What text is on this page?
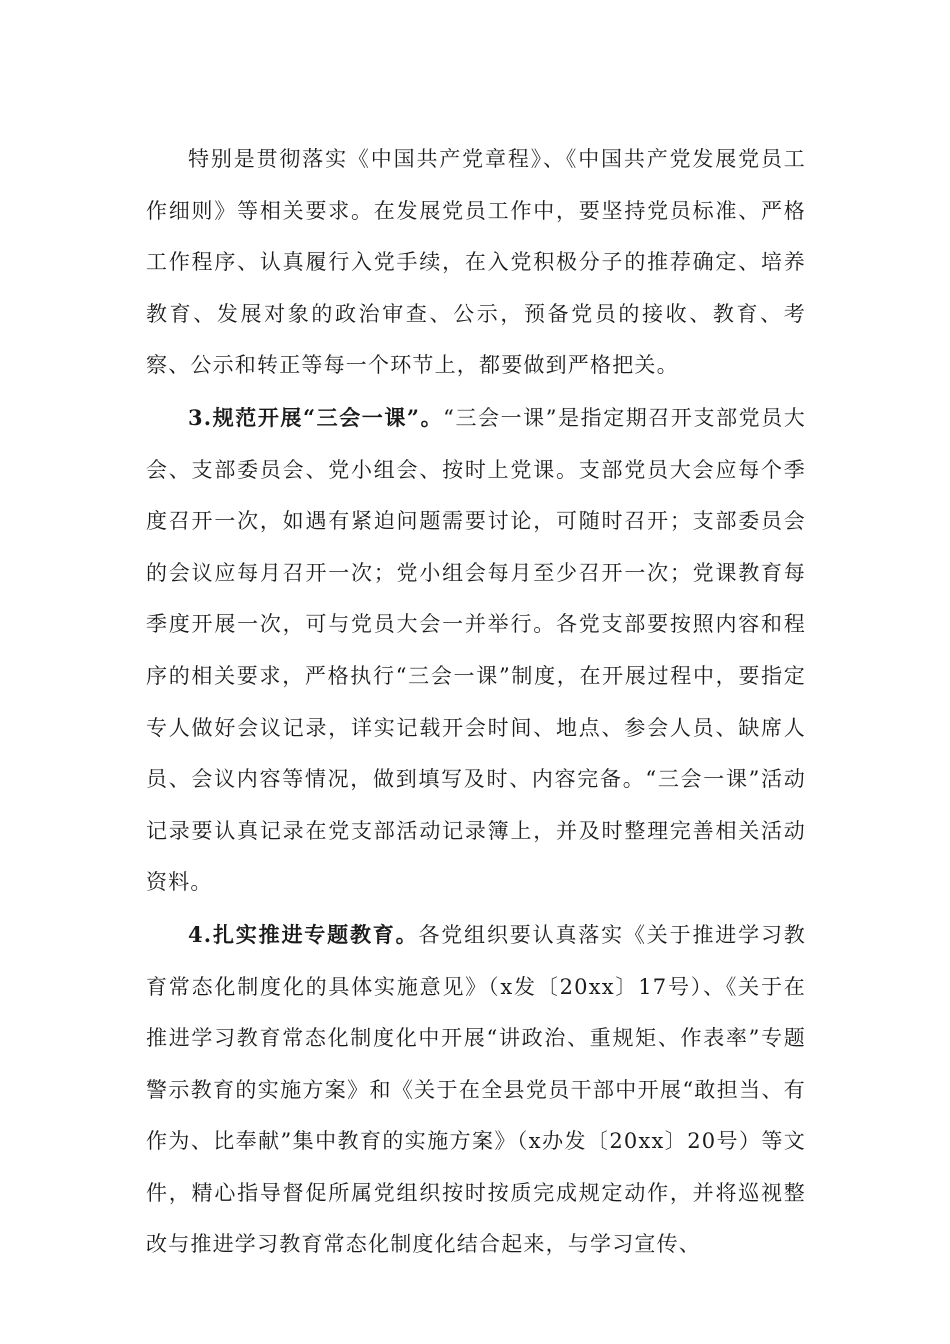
特别是贯彻落实《中国共产党章程》、《中国共产党发展党员工作细则》等相关要求。在发展党员工作中，要坚持党员标准、严格工作程序、认真履行入党手续，在入党积极分子的推荐确定、培养教育、发展对象的政治审查、公示，预备党员的接收、教育、考察、公示和转正等每一个环节上，都要做到严格把关。

3.规范开展“三会一课”。“三会一课”是指定期召开支部党员大会、支部委员会、党小组会、按时上党课。支部党员大会应每个季度召开一次，如遇有紧迫问题需要讨论，可随时召开；支部委员会的会议应每月召开一次；党小组会每月至少召开一次；党课教育每季度开展一次，可与党员大会一并举行。各党支部要按照内容和程序的相关要求，严格执行“三会一课”制度，在开展过程中，要指定专人做好会议记录，详实记载开会时间、地点、参会人员、缺席人员、会议内容等情况，做到填写及时、内容完备。“三会一课”活动记录要认真记录在党支部活动记录簿上，并及时整理完善相关活动资料。

4.扎实推进专题教育。各党组织要认真落实《关于推进学习教育常态化制度化的具体实施意见》（x发〔20xx〕17号）、《关于在推进学习教育常态化制度化中开展“讲政治、重规矩、作表率”专题警示教育的实施方案》和《关于在全县党员干部中开展“敢担当、有作为、比奉献”集中教育的实施方案》（x办发〔20xx〕20号）等文件，精心指导督促所属党组织按时按质完成规定动作，并将巡视整改与推进学习教育常态化制度化结合起来，与学习宣传、
